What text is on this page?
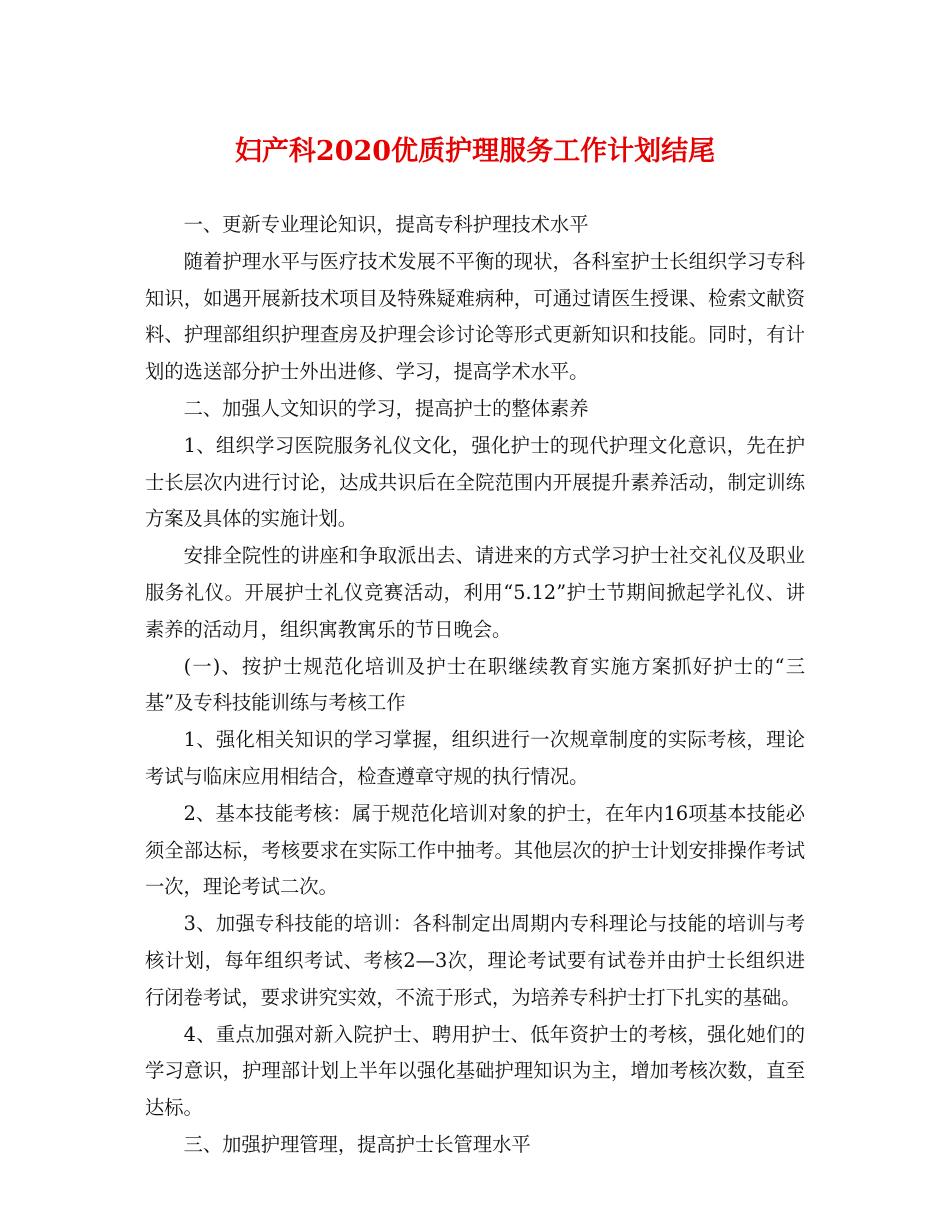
妇产科2020优质护理服务工作计划结尾

一、更新专业理论知识，提高专科护理技术水平

随着护理水平与医疗技术发展不平衡的现状，各科室护士长组织学习专科知识，如遇开展新技术项目及特殊疑难病种，可通过请医生授课、检索文献资料、护理部组织护理查房及护理会诊讨论等形式更新知识和技能。同时，有计划的选送部分护士外出进修、学习，提高学术水平。

二、加强人文知识的学习，提高护士的整体素养

1、组织学习医院服务礼仪文化，强化护士的现代护理文化意识，先在护士长层次内进行讨论，达成共识后在全院范围内开展提升素养活动，制定训练方案及具体的实施计划。

安排全院性的讲座和争取派出去、请进来的方式学习护士社交礼仪及职业服务礼仪。开展护士礼仪竞赛活动，利用“5.12”护士节期间掀起学礼仪、讲素养的活动月，组织寓教寓乐的节日晚会。

(一)、按护士规范化培训及护士在职继续教育实施方案抓好护士的“三基”及专科技能训练与考核工作

1、强化相关知识的学习掌握，组织进行一次规章制度的实际考核，理论考试与临床应用相结合，检查遵章守规的执行情况。

2、基本技能考核：属于规范化培训对象的护士，在年内16项基本技能必须全部达标，考核要求在实际工作中抽考。其他层次的护士计划安排操作考试一次，理论考试二次。

3、加强专科技能的培训：各科制定出周期内专科理论与技能的培训与考核计划，每年组织考试、考核2—3次，理论考试要有试卷并由护士长组织进行闭卷考试，要求讲究实效，不流于形式，为培养专科护士打下扎实的基础。

4、重点加强对新入院护士、聘用护士、低年资护士的考核，强化她们的学习意识，护理部计划上半年以强化基础护理知识为主，增加考核次数，直至达标。

三、加强护理管理，提高护士长管理水平
